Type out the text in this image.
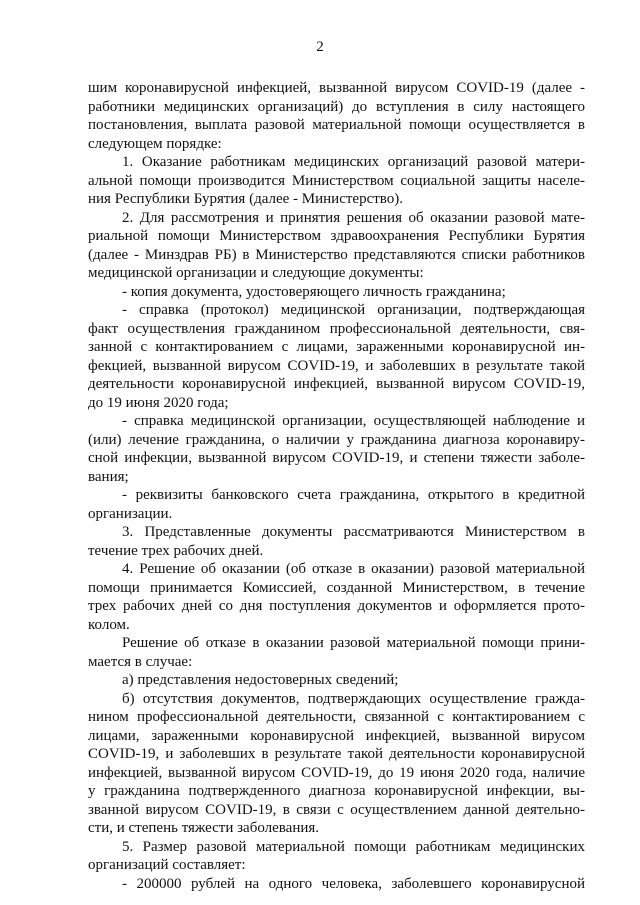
2
шим коронавирусной инфекцией, вызванной вирусом COVID-19 (далее -
работники медицинских организаций) до вступления в силу настоящего
постановления, выплата разовой материальной помощи осуществляется в
следующем порядке:
1. Оказание работникам медицинских организаций разовой матери-
альной помощи производится Министерством социальной защиты населе-
ния Республики Бурятия (далее - Министерство).
2. Для рассмотрения и принятия решения об оказании разовой мате-
риальной помощи Министерством здравоохранения Республики Бурятия
(далее - Минздрав РБ) в Министерство представляются списки работников
медицинской организации и следующие документы:
- копия документа, удостоверяющего личность гражданина;
- справка (протокол) медицинской организации, подтверждающая
факт осуществления гражданином профессиональной деятельности, свя-
занной с контактированием с лицами, зараженными коронавирусной ин-
фекцией, вызванной вирусом COVID-19, и заболевших в результате такой
деятельности коронавирусной инфекцией, вызванной вирусом COVID-19,
до 19 июня 2020 года;
- справка медицинской организации, осуществляющей наблюдение и
(или) лечение гражданина, о наличии у гражданина диагноза коронавиру-
сной инфекции, вызванной вирусом COVID-19, и степени тяжести заболе-
вания;
- реквизиты банковского счета гражданина, открытого в кредитной
организации.
3. Представленные документы рассматриваются Министерством в
течение трех рабочих дней.
4. Решение об оказании (об отказе в оказании) разовой материальной
помощи принимается Комиссией, созданной Министерством, в течение
трех рабочих дней со дня поступления документов и оформляется прото-
колом.
Решение об отказе в оказании разовой материальной помощи прини-
мается в случае:
а) представления недостоверных сведений;
б) отсутствия документов, подтверждающих осуществление гражда-
нином профессиональной деятельности, связанной с контактированием с
лицами, зараженными коронавирусной инфекцией, вызванной вирусом
COVID-19, и заболевших в результате такой деятельности коронавирусной
инфекцией, вызванной вирусом COVID-19, до 19 июня 2020 года, наличие
у гражданина подтвержденного диагноза коронавирусной инфекции, вы-
званной вирусом COVID-19, в связи с осуществлением данной деятельно-
сти, и степень тяжести заболевания.
5. Размер разовой материальной помощи работникам медицинских
организаций составляет:
- 200000 рублей на одного человека, заболевшего коронавирусной
